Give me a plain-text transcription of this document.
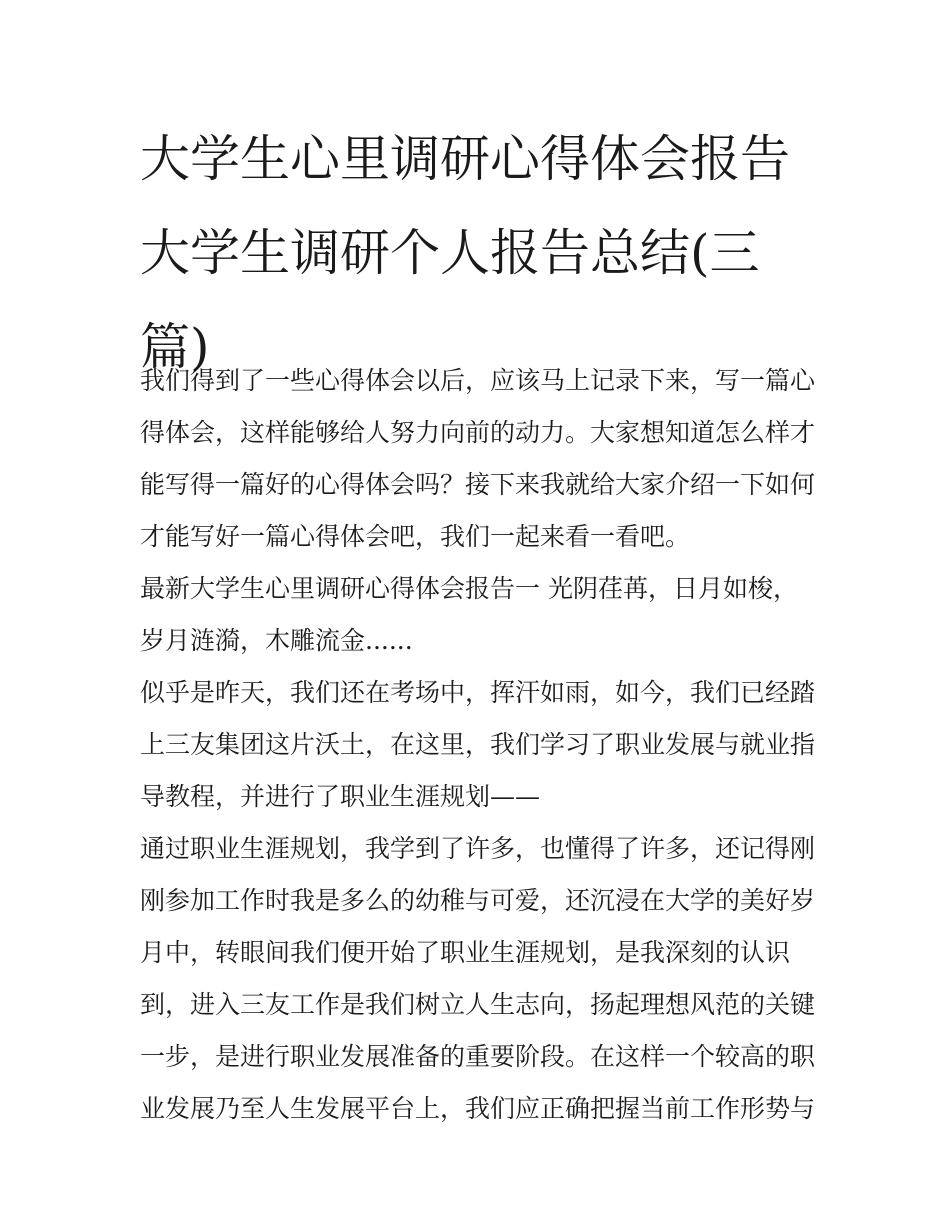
大学生心里调研心得体会报告
大学生调研个人报告总结(三
篇)
我们得到了一些心得体会以后，应该马上记录下来，写一篇心
得体会，这样能够给人努力向前的动力。大家想知道怎么样才
能写得一篇好的心得体会吗？接下来我就给大家介绍一下如何
才能写好一篇心得体会吧，我们一起来看一看吧。
最新大学生心里调研心得体会报告一 光阴荏苒，日月如梭，
岁月涟漪，木雕流金......
似乎是昨天，我们还在考场中，挥汗如雨，如今，我们已经踏
上三友集团这片沃土，在这里，我们学习了职业发展与就业指
导教程，并进行了职业生涯规划——
通过职业生涯规划，我学到了许多，也懂得了许多，还记得刚
刚参加工作时我是多么的幼稚与可爱，还沉浸在大学的美好岁
月中，转眼间我们便开始了职业生涯规划，是我深刻的认识
到，进入三友工作是我们树立人生志向，扬起理想风范的关键
一步，是进行职业发展准备的重要阶段。在这样一个较高的职
业发展乃至人生发展平台上，我们应正确把握当前工作形势与
